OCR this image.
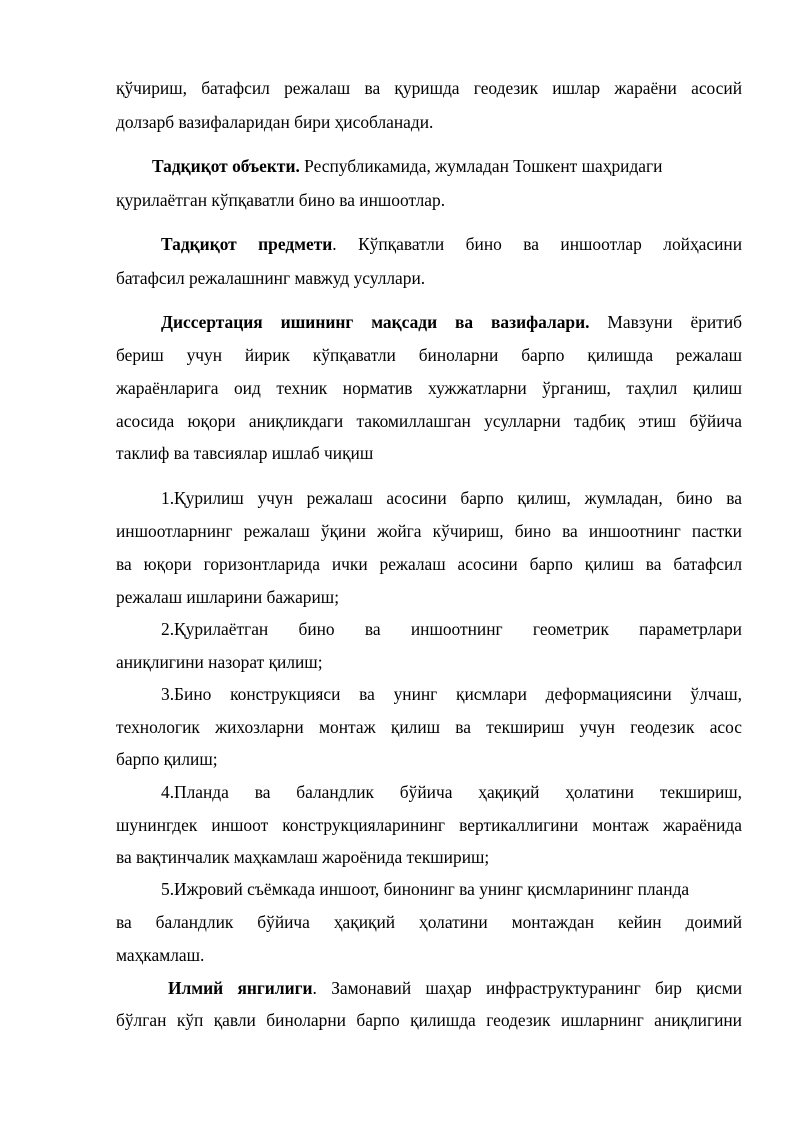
қўчириш, батафсил режалаш ва қуришда геодезик ишлар жараёни асосий
долзарб вазифаларидан бири ҳисобланади.
Тадқиқот объекти. Республикамида, жумладан Тошкент шаҳридаги
қурилаётган кўпқаватли бино ва иншоотлар.
Тадқиқот предмети. Кўпқаватли бино ва иншоотлар лойҳасини
батафсил режалашнинг мавжуд усуллари.
Диссертация ишининг мақсади ва вазифалари. Мавзуни ёритиб
бериш учун йирик кўпқаватли биноларни барпо қилишда режалаш
жараёнларига оид техник норматив хужжатларни ўрганиш, таҳлил қилиш
асосида юқори аниқликдаги такомиллашган усулларни тадбиқ этиш бўйича
таклиф ва тавсиялар ишлаб чиқиш
1.Қурилиш учун режалаш асосини барпо қилиш, жумладан, бино ва
иншоотларнинг режалаш ўқини жойга кўчириш, бино ва иншоотнинг пастки
ва юқори горизонтларида ички режалаш асосини барпо қилиш ва батафсил
режалаш ишларини бажариш;
2.Қурилаётган бино ва иншоотнинг геометрик параметрлари
аниқлигини назорат қилиш;
3.Бино конструкцияси ва унинг қисмлари деформациясини ўлчаш,
технологик жихозларни монтаж қилиш ва текшириш учун геодезик асос
барпо қилиш;
4.Планда ва баландлик бўйича ҳақиқий ҳолатини текшириш,
шунингдек иншоот конструкцияларининг вертикаллигини монтаж жараёнида
ва вақтинчалик маҳкамлаш жароёнида текшириш;
5.Ижровий съёмкада иншоот, бинонинг ва унинг қисмларининг планда
ва баландлик бўйича ҳақиқий ҳолатини монтаждан кейин доимий
маҳкамлаш.
Илмий янгилиги. Замонавий шаҳар инфраструктуранинг бир қисми
бўлган кўп қавли биноларни барпо қилишда геодезик ишларнинг аниқлигини
